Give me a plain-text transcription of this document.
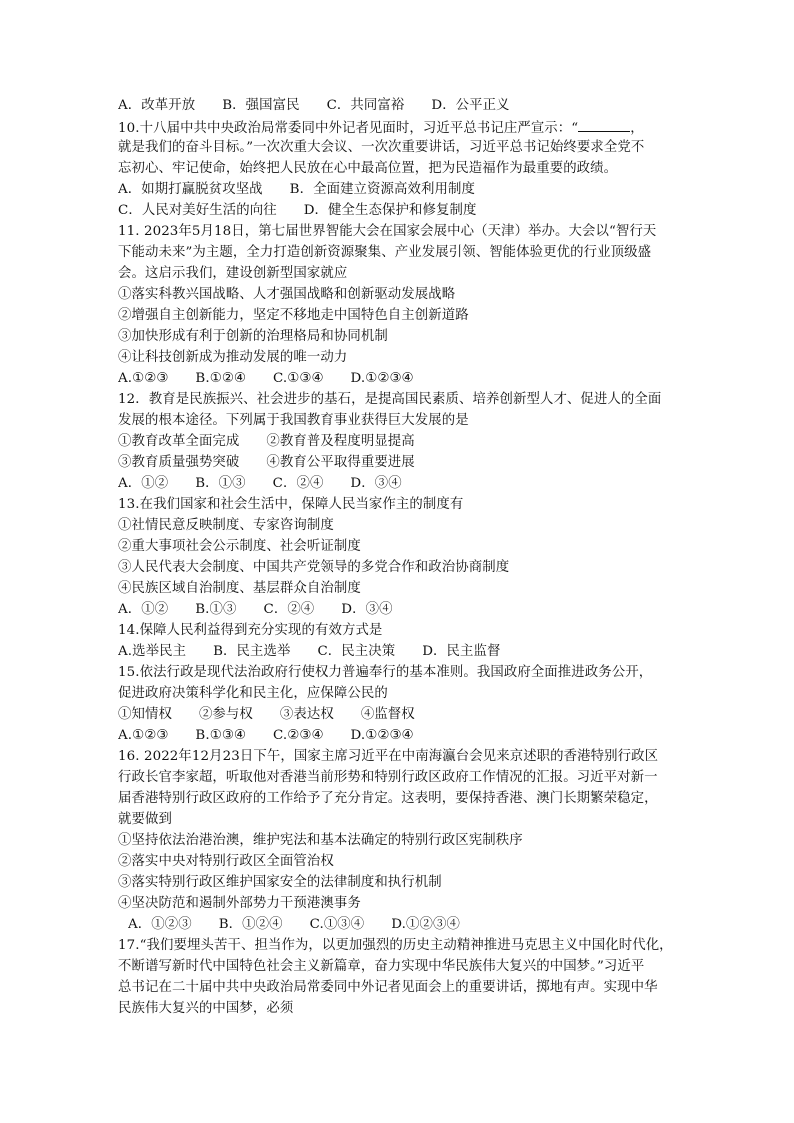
A．改革开放　　B．强国富民　　C．共同富裕　　D．公平正义
10.十八届中共中央政治局常委同中外记者见面时，习近平总书记庄严宣示：“	，
就是我们的奋斗目标。”一次次重大会议、一次次重要讲话，习近平总书记始终要求全党不
忘初心、牢记使命，始终把人民放在心中最高位置，把为民造福作为最重要的政绩。
A．如期打赢脱贫攻坚战　　B．全面建立资源高效利用制度
C．人民对美好生活的向往　　D．健全生态保护和修复制度
11. 2023年5月18日，第七届世界智能大会在国家会展中心（天津）举办。大会以“智行天
下能动未来”为主题，全力打造创新资源聚集、产业发展引领、智能体验更优的行业顶级盛
会。这启示我们，建设创新型国家就应
①落实科教兴国战略、人才强国战略和创新驱动发展战略
②增强自主创新能力，坚定不移地走中国特色自主创新道路
③加快形成有利于创新的治理格局和协同机制
④让科技创新成为推动发展的唯一动力
A.①②③　　B.①②④　　C.①③④　　D.①②③④
12．教育是民族振兴、社会进步的基石，是提高国民素质、培养创新型人才、促进人的全面
发展的根本途径。下列属于我国教育事业获得巨大发展的是
①教育改革全面完成　　②教育普及程度明显提高
③教育质量强势突破　　④教育公平取得重要进展
A．①②　　B．①③　　C．②④　　D．③④
13.在我们国家和社会生活中，保障人民当家作主的制度有
①社情民意反映制度、专家咨询制度
②重大事项社会公示制度、社会听证制度
③人民代表大会制度、中国共产党领导的多党合作和政治协商制度
④民族区域自治制度、基层群众自治制度
A．①②　　B.①③　　C．②④　　D．③④
14.保障人民利益得到充分实现的有效方式是
A.选举民主　　B．民主选举　　C．民主决策　　D．民主监督
15.依法行政是现代法治政府行使权力普遍奉行的基本准则。我国政府全面推进政务公开，
促进政府决策科学化和民主化，应保障公民的
①知情权　　②参与权　　③表达权　　④监督权
A.①②③　　B.①③④　　C.②③④　　D.①②③④
16. 2022年12月23日下午，国家主席习近平在中南海瀛台会见来京述职的香港特别行政区
行政长官李家超，听取他对香港当前形势和特别行政区政府工作情况的汇报。习近平对新一
届香港特别行政区政府的工作给予了充分肯定。这表明，要保持香港、澳门长期繁荣稳定，
就要做到
①坚持依法治港治澳，维护宪法和基本法确定的特别行政区宪制秩序
②落实中央对特别行政区全面管治权
③落实特别行政区维护国家安全的法律制度和执行机制
④坚决防范和遏制外部势力干预港澳事务
A．①②③　　B．①②④　　C.①③④　　D.①②③④
17.“我们要埋头苦干、担当作为，以更加强烈的历史主动精神推进马克思主义中国化时代化，
不断谱写新时代中国特色社会主义新篇章，奋力实现中华民族伟大复兴的中国梦。”习近平
总书记在二十届中共中央政治局常委同中外记者见面会上的重要讲话，掷地有声。实现中华
民族伟大复兴的中国梦，必须
